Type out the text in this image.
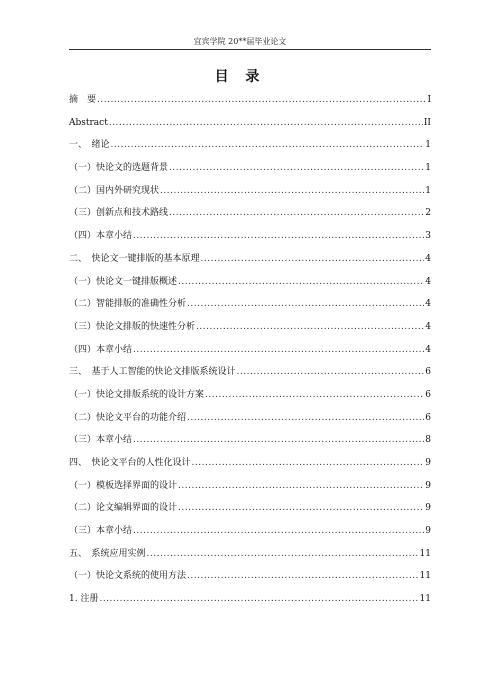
宜宾学院 20**届毕业论文
目 录
摘　要 .....	I
Abstract .....	II
一、　绪论 .....	1
（一）快论文的选题背景 .....	1
（二）国内外研究现状 .....	1
（三）创新点和技术路线 .....	2
（四）本章小结 .....	3
二、　快论文一键排版的基本原理 .....	4
（一）快论文一键排版概述 .....	4
（二）智能排版的准确性分析 .....	4
（三）快论文排版的快速性分析 .....	4
（四）本章小结 .....	4
三、　基于人工智能的快论文排版系统设计 .....	6
（一）快论文排版系统的设计方案 .....	6
（二）快论文平台的功能介绍 .....	6
（三）本章小结 .....	8
四、　快论文平台的人性化设计 .....	9
（一）模板选择界面的设计 .....	9
（二）论文编辑界面的设计 .....	9
（三）本章小结 .....	9
五、　系统应用实例 .....	11
（一）快论文系统的使用方法 .....	11
1. 注册 .....	11
